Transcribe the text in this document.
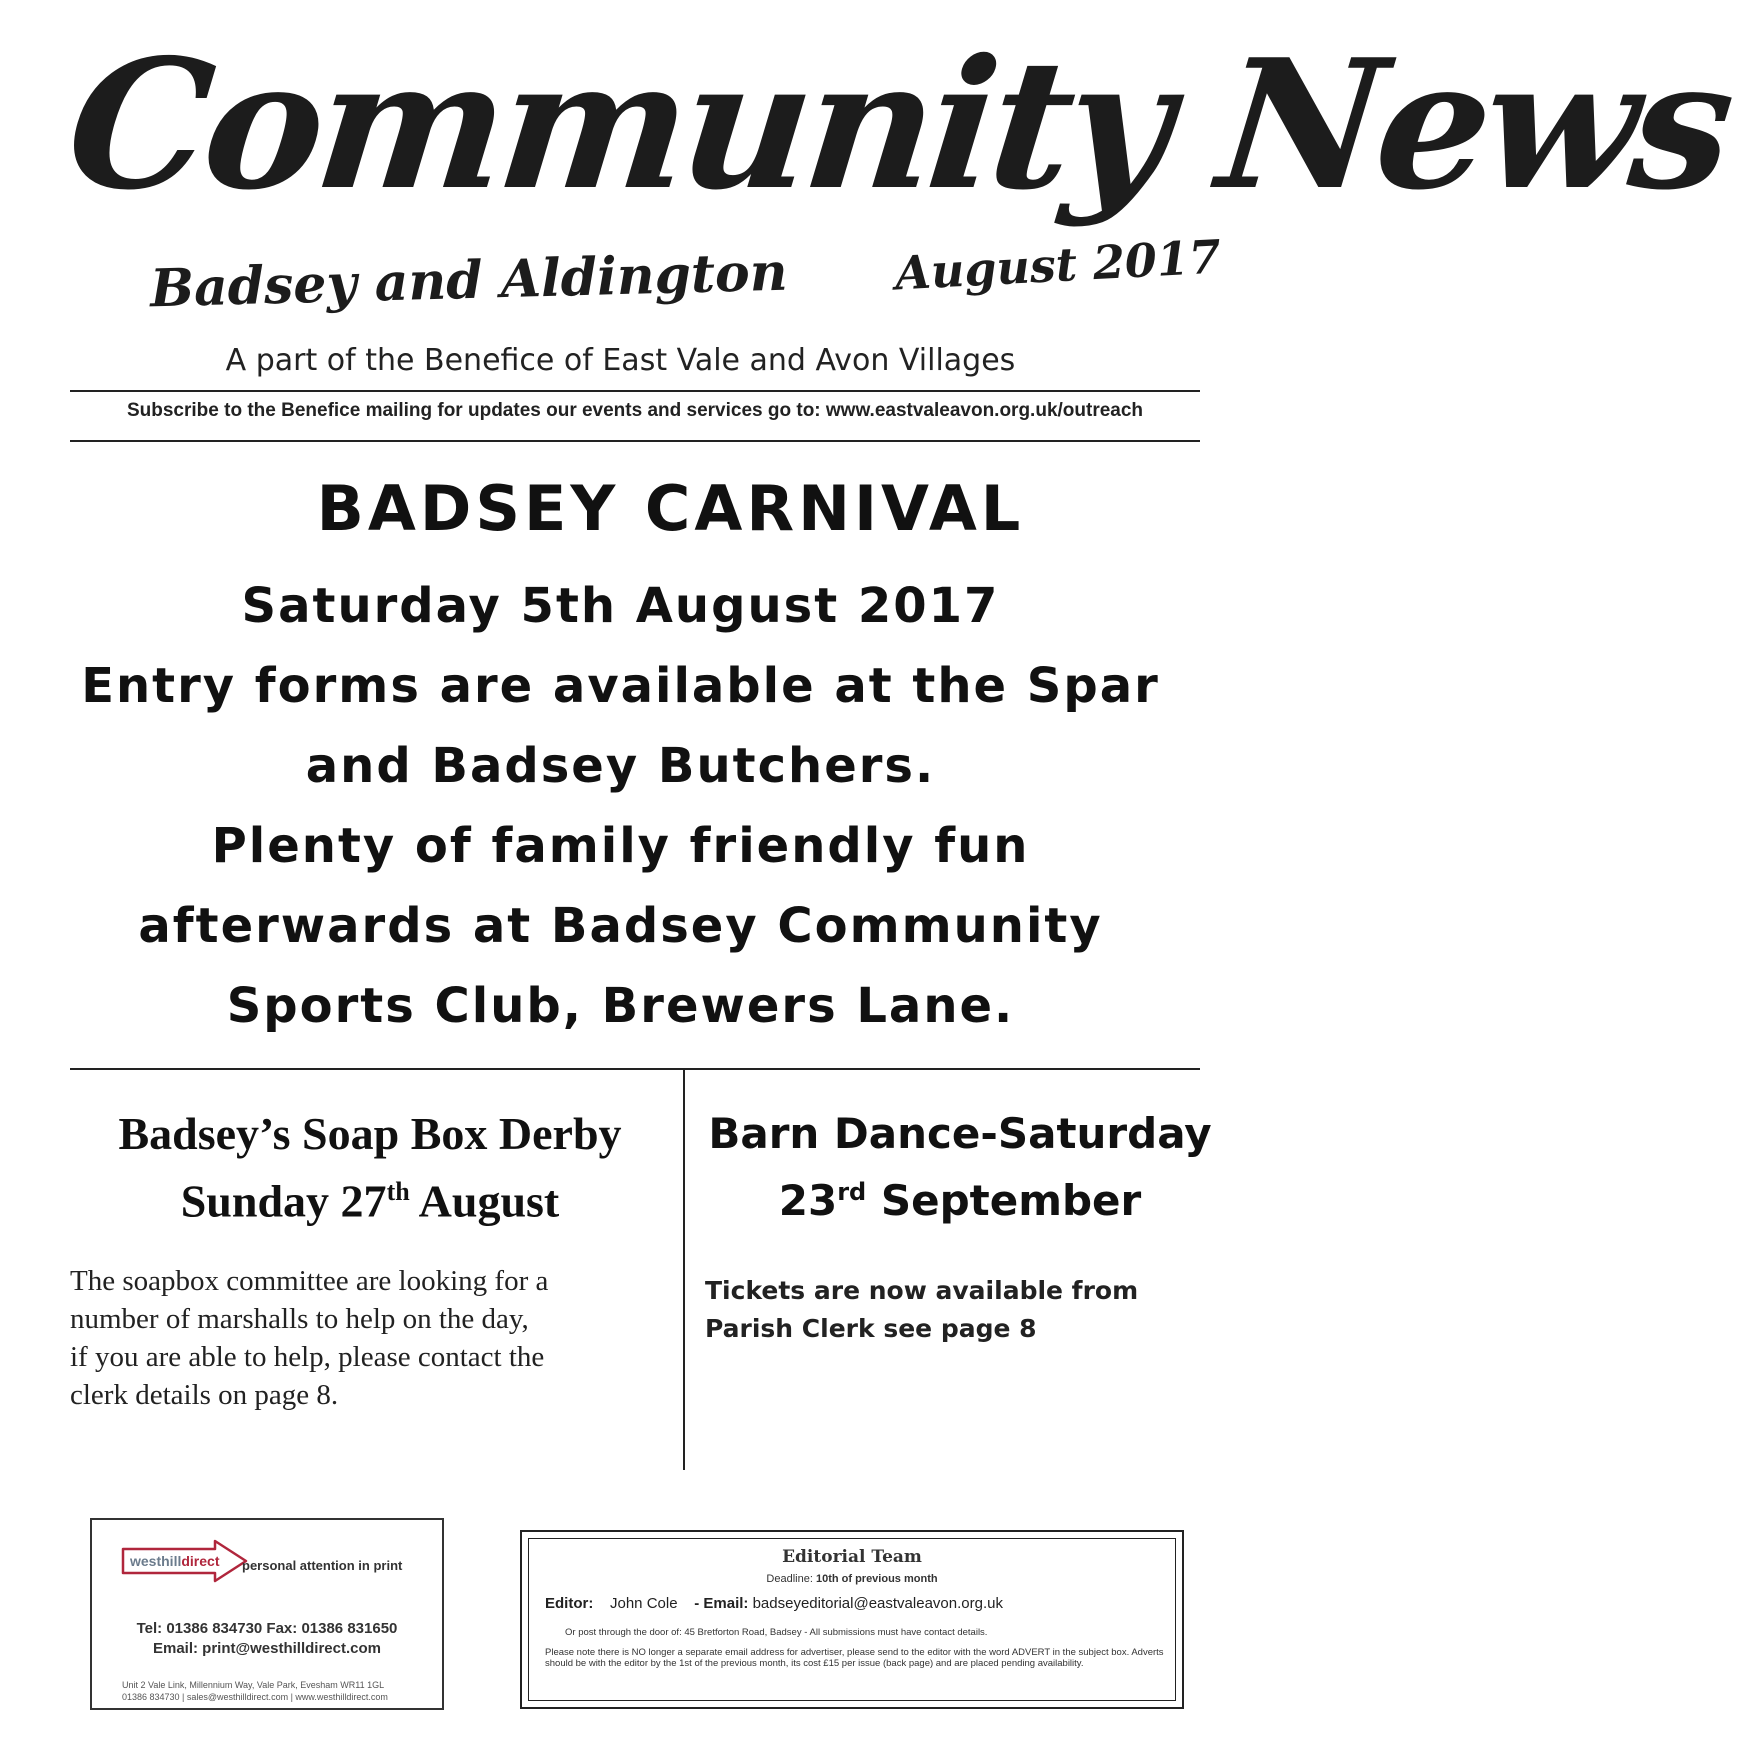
Community News
Badsey and Aldington August 2017
A part of the Benefice of East Vale and Avon Villages
Subscribe to the Benefice mailing for updates our events and services go to: www.eastvaleavon.org.uk/outreach
BADSEY CARNIVAL
Saturday 5th August 2017
Entry forms are available at the Spar
and Badsey Butchers.
Plenty of family friendly fun
afterwards at Badsey Community
Sports Club, Brewers Lane.
Badsey’s Soap Box Derby
Sunday 27th August
The soapbox committee are looking for a
number of marshalls to help on the day,
if you are able to help, please contact the
clerk details on page 8.
Barn Dance-Saturday
23rd September
Tickets are now available from
Parish Clerk see page 8
westhilldirect personal attention in print
Tel: 01386 834730 Fax: 01386 831650
Email: print@westhilldirect.com
Unit 2 Vale Link, Millennium Way, Vale Park, Evesham WR11 1GL
01386 834730 | sales@westhilldirect.com | www.westhilldirect.com
Editorial Team
Deadline: 10th of previous month
Editor: John Cole - Email: badseyeditorial@eastvaleavon.org.uk
Or post through the door of: 45 Bretforton Road, Badsey - All submissions must have contact details.
Please note there is NO longer a separate email address for advertiser, please send to the editor with the word ADVERT in the subject box. Adverts should be with the editor by the 1st of the previous month, its cost £15 per issue (back page) and are placed pending availability.
